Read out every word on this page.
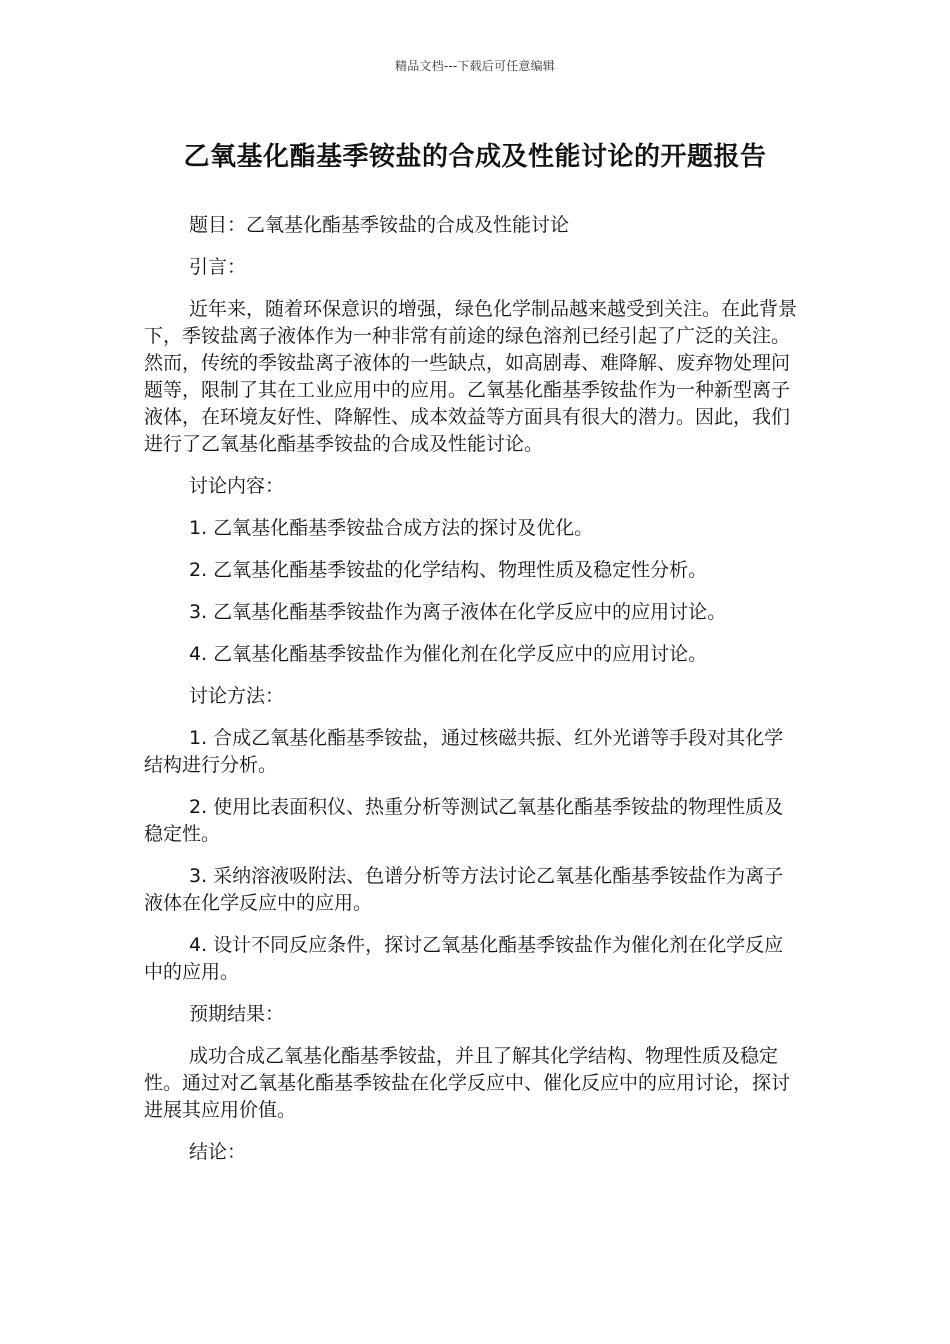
精品文档---下载后可任意编辑
乙氧基化酯基季铵盐的合成及性能讨论的开题报告

题目：乙氧基化酯基季铵盐的合成及性能讨论

引言：

近年来，随着环保意识的增强，绿色化学制品越来越受到关注。在此背景下，季铵盐离子液体作为一种非常有前途的绿色溶剂已经引起了广泛的关注。然而，传统的季铵盐离子液体的一些缺点，如高剧毒、难降解、废弃物处理问题等，限制了其在工业应用中的应用。乙氧基化酯基季铵盐作为一种新型离子液体，在环境友好性、降解性、成本效益等方面具有很大的潜力。因此，我们进行了乙氧基化酯基季铵盐的合成及性能讨论。

讨论内容：

1. 乙氧基化酯基季铵盐合成方法的探讨及优化。

2. 乙氧基化酯基季铵盐的化学结构、物理性质及稳定性分析。

3. 乙氧基化酯基季铵盐作为离子液体在化学反应中的应用讨论。

4. 乙氧基化酯基季铵盐作为催化剂在化学反应中的应用讨论。

讨论方法：

1. 合成乙氧基化酯基季铵盐，通过核磁共振、红外光谱等手段对其化学结构进行分析。

2. 使用比表面积仪、热重分析等测试乙氧基化酯基季铵盐的物理性质及稳定性。

3. 采纳溶液吸附法、色谱分析等方法讨论乙氧基化酯基季铵盐作为离子液体在化学反应中的应用。

4. 设计不同反应条件，探讨乙氧基化酯基季铵盐作为催化剂在化学反应中的应用。

预期结果：

成功合成乙氧基化酯基季铵盐，并且了解其化学结构、物理性质及稳定性。通过对乙氧基化酯基季铵盐在化学反应中、催化反应中的应用讨论，探讨进展其应用价值。

结论：
